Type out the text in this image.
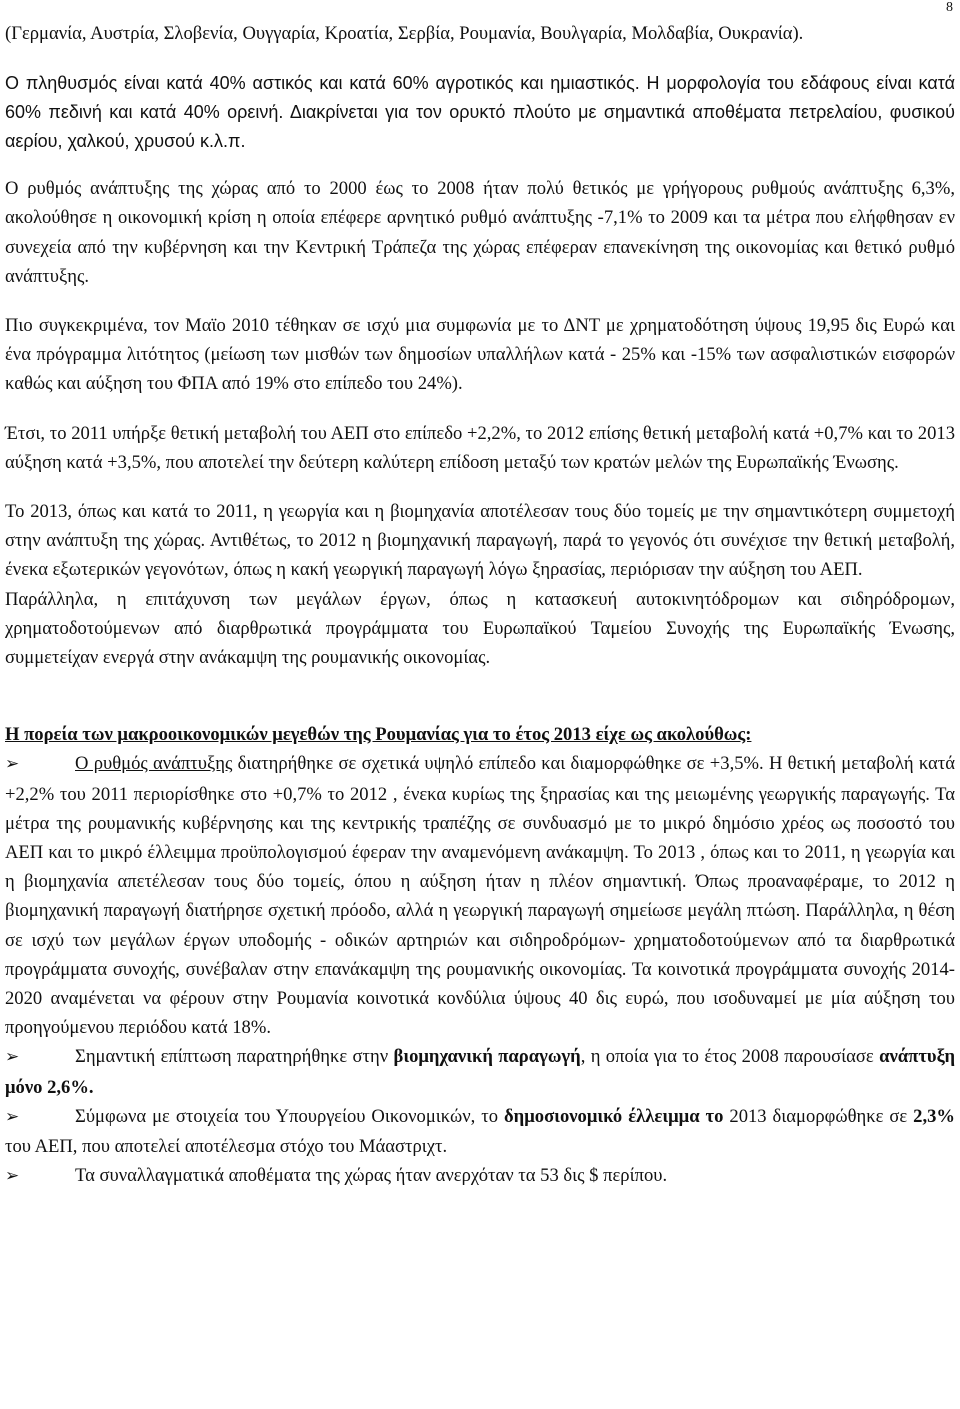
8

(Γερμανία, Αυστρία, Σλοβενία, Ουγγαρία, Κροατία, Σερβία, Ρουμανία, Βουλγαρία, Μολδαβία, Ουκρανία).

Ο πληθυσμός είναι κατά 40% αστικός και κατά 60% αγροτικός και ημιαστικός. Η μορφολογία του εδάφους είναι κατά 60% πεδινή και κατά 40% ορεινή. Διακρίνεται για τον ορυκτό πλούτο με σημαντικά αποθέματα πετρελαίου, φυσικού αερίου, χαλκού, χρυσού κ.λ.π.

Ο ρυθμός ανάπτυξης της χώρας από το 2000 έως το 2008 ήταν πολύ θετικός με γρήγορους ρυθμούς ανάπτυξης 6,3%, ακολούθησε η οικονομική κρίση η οποία επέφερε αρνητικό ρυθμό ανάπτυξης -7,1% το 2009 και τα μέτρα που ελήφθησαν εν συνεχεία από την κυβέρνηση και την Κεντρική Τράπεζα της χώρας επέφεραν επανεκίνηση της οικονομίας και θετικό ρυθμό ανάπτυξης.

Πιο συγκεκριμένα, τον Μαϊο 2010 τέθηκαν σε ισχύ μια συμφωνία με το ΔΝΤ με χρηματοδότηση ύψους 19,95 δις Ευρώ και ένα πρόγραμμα λιτότητος (μείωση των μισθών των δημοσίων υπαλλήλων κατά - 25% και -15% των ασφαλιστικών εισφορών καθώς και αύξηση του ΦΠΑ από 19% στο επίπεδο του 24%).

Έτσι, το 2011 υπήρξε θετική μεταβολή του ΑΕΠ στο επίπεδο +2,2%, το 2012 επίσης θετική μεταβολή κατά +0,7% και το 2013 αύξηση κατά +3,5%, που αποτελεί την δεύτερη καλύτερη επίδοση μεταξύ των κρατών μελών της Ευρωπαϊκής Ένωσης.

Το 2013, όπως και κατά το 2011, η γεωργία και η βιομηχανία αποτέλεσαν τους δύο τομείς με την σημαντικότερη συμμετοχή στην ανάπτυξη της χώρας. Αντιθέτως, το 2012 η βιομηχανική παραγωγή, παρά το γεγονός ότι συνέχισε την θετική μεταβολή, ένεκα εξωτερικών γεγονότων, όπως η κακή γεωργική παραγωγή λόγω ξηρασίας, περιόρισαν την αύξηση του ΑΕΠ.

Παράλληλα, η επιτάχυνση των μεγάλων έργων, όπως η κατασκευή αυτοκινητόδρομων και σιδηρόδρομων, χρηματοδοτούμενων από διαρθρωτικά προγράμματα του Ευρωπαϊκού Ταμείου Συνοχής της Ευρωπαϊκής Ένωσης, συμμετείχαν ενεργά στην ανάκαμψη της ρουμανικής οικονομίας.

Η πορεία των μακροοικονομικών μεγεθών της Ρουμανίας για το έτος 2013 είχε ως ακολούθως:

➢	Ο ρυθμός ανάπτυξης διατηρήθηκε σε σχετικά υψηλό επίπεδο και διαμορφώθηκε σε +3,5%. Η θετική μεταβολή κατά +2,2% του 2011 περιορίσθηκε στο +0,7% το 2012 , ένεκα κυρίως της ξηρασίας και της μειωμένης γεωργικής παραγωγής. Τα μέτρα της ρουμανικής κυβέρνησης και της κεντρικής τραπέζης σε συνδυασμό με το μικρό δημόσιο χρέος ως ποσοστό του ΑΕΠ και το μικρό έλλειμμα προϋπολογισμού έφεραν την αναμενόμενη ανάκαμψη. Το 2013 , όπως και το 2011, η γεωργία και η βιομηχανία απετέλεσαν τους δύο τομείς, όπου η αύξηση ήταν η πλέον σημαντική. Όπως προαναφέραμε, το 2012 η βιομηχανική παραγωγή διατήρησε σχετική πρόοδο, αλλά η γεωργική παραγωγή σημείωσε μεγάλη πτώση. Παράλληλα, η θέση σε ισχύ των μεγάλων έργων υποδομής - οδικών αρτηριών και σιδηροδρόμων- χρηματοδοτούμενων από τα διαρθρωτικά προγράμματα συνοχής, συνέβαλαν στην επανάκαμψη της ρουμανικής οικονομίας. Τα κοινοτικά προγράμματα συνοχής 2014-2020 αναμένεται να φέρουν στην Ρουμανία κοινοτικά κονδύλια ύψους 40 δις ευρώ, που ισοδυναμεί με μία αύξηση του προηγούμενου περιόδου κατά 18%.

➢	Σημαντική επίπτωση παρατηρήθηκε στην βιομηχανική παραγωγή, η οποία για το έτος 2008 παρουσίασε ανάπτυξη μόνο 2,6%.

➢	Σύμφωνα με στοιχεία του Υπουργείου Οικονομικών, το δημοσιονομικό έλλειμμα το 2013 διαμορφώθηκε σε 2,3% του ΑΕΠ, που αποτελεί αποτέλεσμα στόχο του Μάαστριχτ.

➢	Τα συναλλαγματικά αποθέματα της χώρας ήταν ανερχόταν τα 53 δις $ περίπου.
